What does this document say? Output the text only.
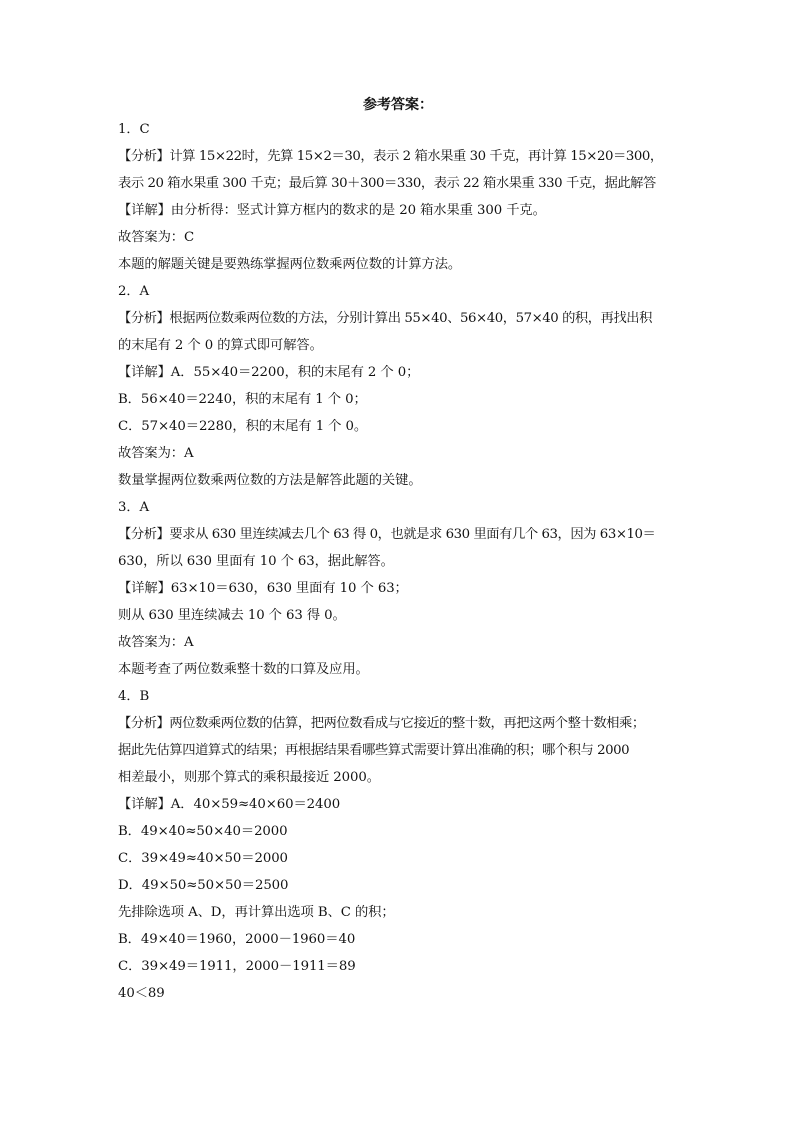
参考答案：
1．C
【分析】计算 15×22时，先算 15×2＝30，表示 2 箱水果重 30 千克，再计算 15×20＝300，
表示 20 箱水果重 300 千克；最后算 30＋300＝330，表示 22 箱水果重 330 千克，据此解答
【详解】由分析得：竖式计算方框内的数求的是 20 箱水果重 300 千克。
故答案为：C
本题的解题关键是要熟练掌握两位数乘两位数的计算方法。
2．A
【分析】根据两位数乘两位数的方法，分别计算出 55×40、56×40，57×40 的积，再找出积
的末尾有 2 个 0 的算式即可解答。
【详解】A．55×40＝2200，积的末尾有 2 个 0；
B．56×40＝2240，积的末尾有 1 个 0；
C．57×40＝2280，积的末尾有 1 个 0。
故答案为：A
数量掌握两位数乘两位数的方法是解答此题的关键。
3．A
【分析】要求从 630 里连续减去几个 63 得 0，也就是求 630 里面有几个 63，因为 63×10＝
630，所以 630 里面有 10 个 63，据此解答。
【详解】63×10＝630，630 里面有 10 个 63；
则从 630 里连续减去 10 个 63 得 0。
故答案为：A
本题考查了两位数乘整十数的口算及应用。
4．B
【分析】两位数乘两位数的估算，把两位数看成与它接近的整十数，再把这两个整十数相乘；
据此先估算四道算式的结果；再根据结果看哪些算式需要计算出准确的积；哪个积与 2000
相差最小，则那个算式的乘积最接近 2000。
【详解】A．40×59≈40×60＝2400
B．49×40≈50×40＝2000
C．39×49≈40×50＝2000
D．49×50≈50×50＝2500
先排除选项 A、D，再计算出选项 B、C 的积；
B．49×40＝1960，2000－1960＝40
C．39×49＝1911，2000－1911＝89
40＜89
